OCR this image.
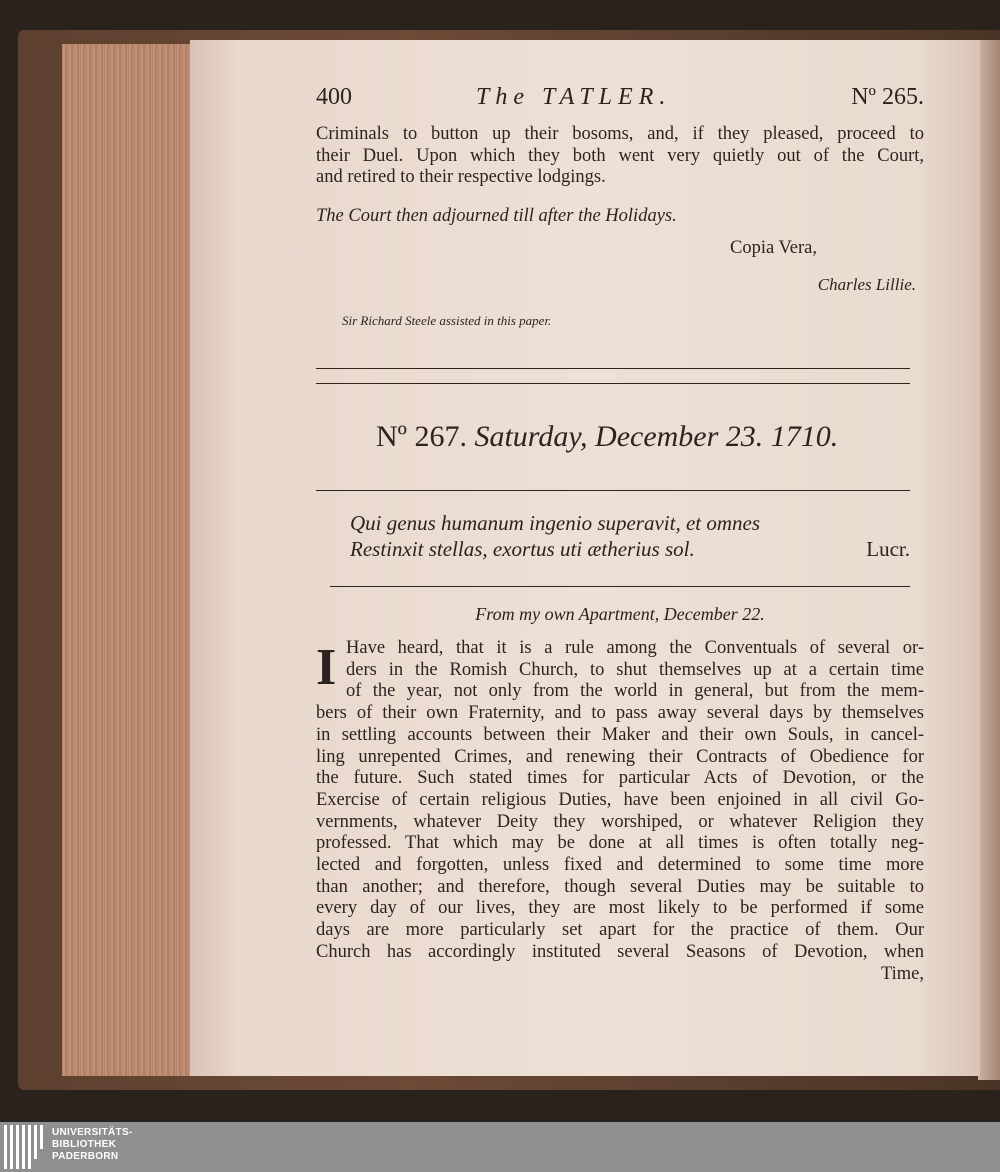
400	The TATLER.	Nº 265.
Criminals to button up their bosoms, and, if they pleased, proceed to
their Duel. Upon which they both went very quietly out of the Court,
and retired to their respective lodgings.
The Court then adjourned till after the Holidays.
Copia Vera,
Charles Lillie.
Sir Richard Steele assisted in this paper.
Nº 267. Saturday, December 23. 1710.
Qui genus humanum ingenio superavit, et omnes
Restinxit stellas, exortus uti ætherius sol.	Lucr.
From my own Apartment, December 22.
I Have heard, that it is a rule among the Conventuals of several or-
ders in the Romish Church, to shut themselves up at a certain time
of the year, not only from the world in general, but from the mem-
bers of their own Fraternity, and to pass away several days by themselves
in settling accounts between their Maker and their own Souls, in cancel-
ling unrepented Crimes, and renewing their Contracts of Obedience for
the future. Such stated times for particular Acts of Devotion, or the
Exercise of certain religious Duties, have been enjoined in all civil Go-
vernments, whatever Deity they worshiped, or whatever Religion they
professed. That which may be done at all times is often totally neg-
lected and forgotten, unless fixed and determined to some time more
than another; and therefore, though several Duties may be suitable to
every day of our lives, they are most likely to be performed if some
days are more particularly set apart for the practice of them. Our
Church has accordingly instituted several Seasons of Devotion, when
Time,
UNIVERSITÄTS-
BIBLIOTHEK
PADERBORN
